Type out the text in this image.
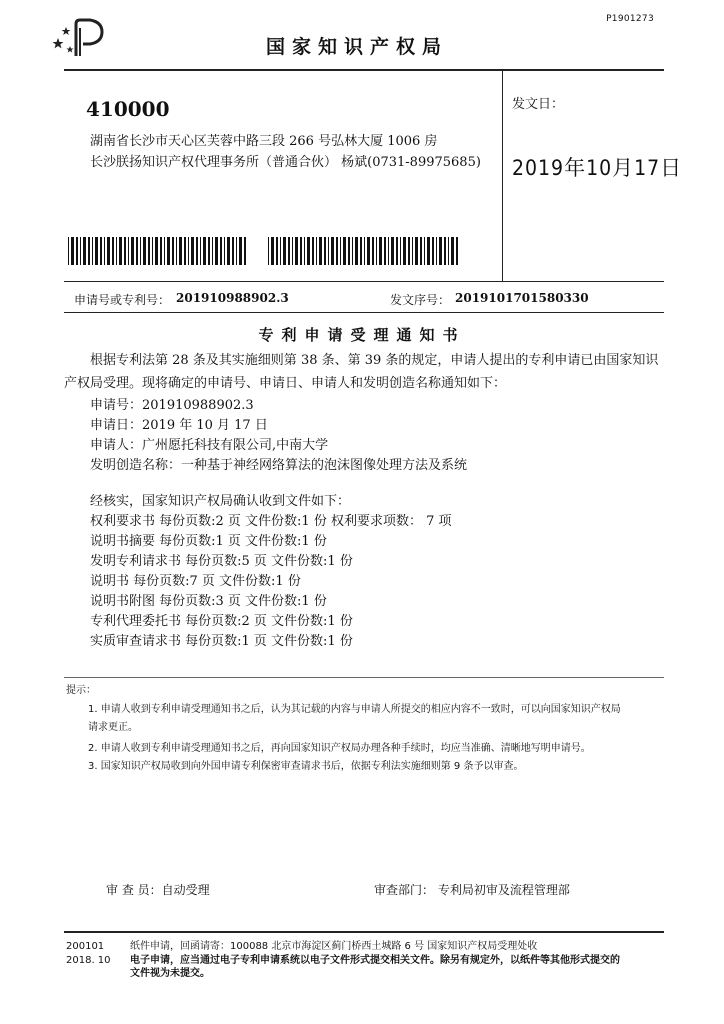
P1901273
国家知识产权局
410000
湖南省长沙市天心区芙蓉中路三段 266 号弘林大厦 1006 房
长沙朕扬知识产权代理事务所（普通合伙） 杨斌(0731-89975685)
发文日：
2019年10月17日
申请号或专利号： 201910988902.3	发文序号： 2019101701580330
专利申请受理通知书
根据专利法第 28 条及其实施细则第 38 条、第 39 条的规定，申请人提出的专利申请已由国家知识产权局受理。现将确定的申请号、申请日、申请人和发明创造名称通知如下：
申请号：201910988902.3
申请日：2019 年 10 月 17 日
申请人：广州愿托科技有限公司,中南大学
发明创造名称：一种基于神经网络算法的泡沫图像处理方法及系统
经核实，国家知识产权局确认收到文件如下：
权利要求书 每份页数:2 页 文件份数:1 份 权利要求项数： 7 项
说明书摘要 每份页数:1 页 文件份数:1 份
发明专利请求书 每份页数:5 页 文件份数:1 份
说明书 每份页数:7 页 文件份数:1 份
说明书附图 每份页数:3 页 文件份数:1 份
专利代理委托书 每份页数:2 页 文件份数:1 份
实质审查请求书 每份页数:1 页 文件份数:1 份
提示：
1. 申请人收到专利申请受理通知书之后，认为其记载的内容与申请人所提交的相应内容不一致时，可以向国家知识产权局
请求更正。
2. 申请人收到专利申请受理通知书之后，再向国家知识产权局办理各种手续时，均应当准确、清晰地写明申请号。
3. 国家知识产权局收到向外国申请专利保密审查请求书后，依据专利法实施细则第 9 条予以审查。
审 查 员：自动受理	审查部门： 专利局初审及流程管理部
200101
2018. 10
纸件申请，回函请寄：100088 北京市海淀区蓟门桥西土城路 6 号 国家知识产权局受理处收
电子申请，应当通过电子专利申请系统以电子文件形式提交相关文件。除另有规定外，以纸件等其他形式提交的
文件视为未提交。
